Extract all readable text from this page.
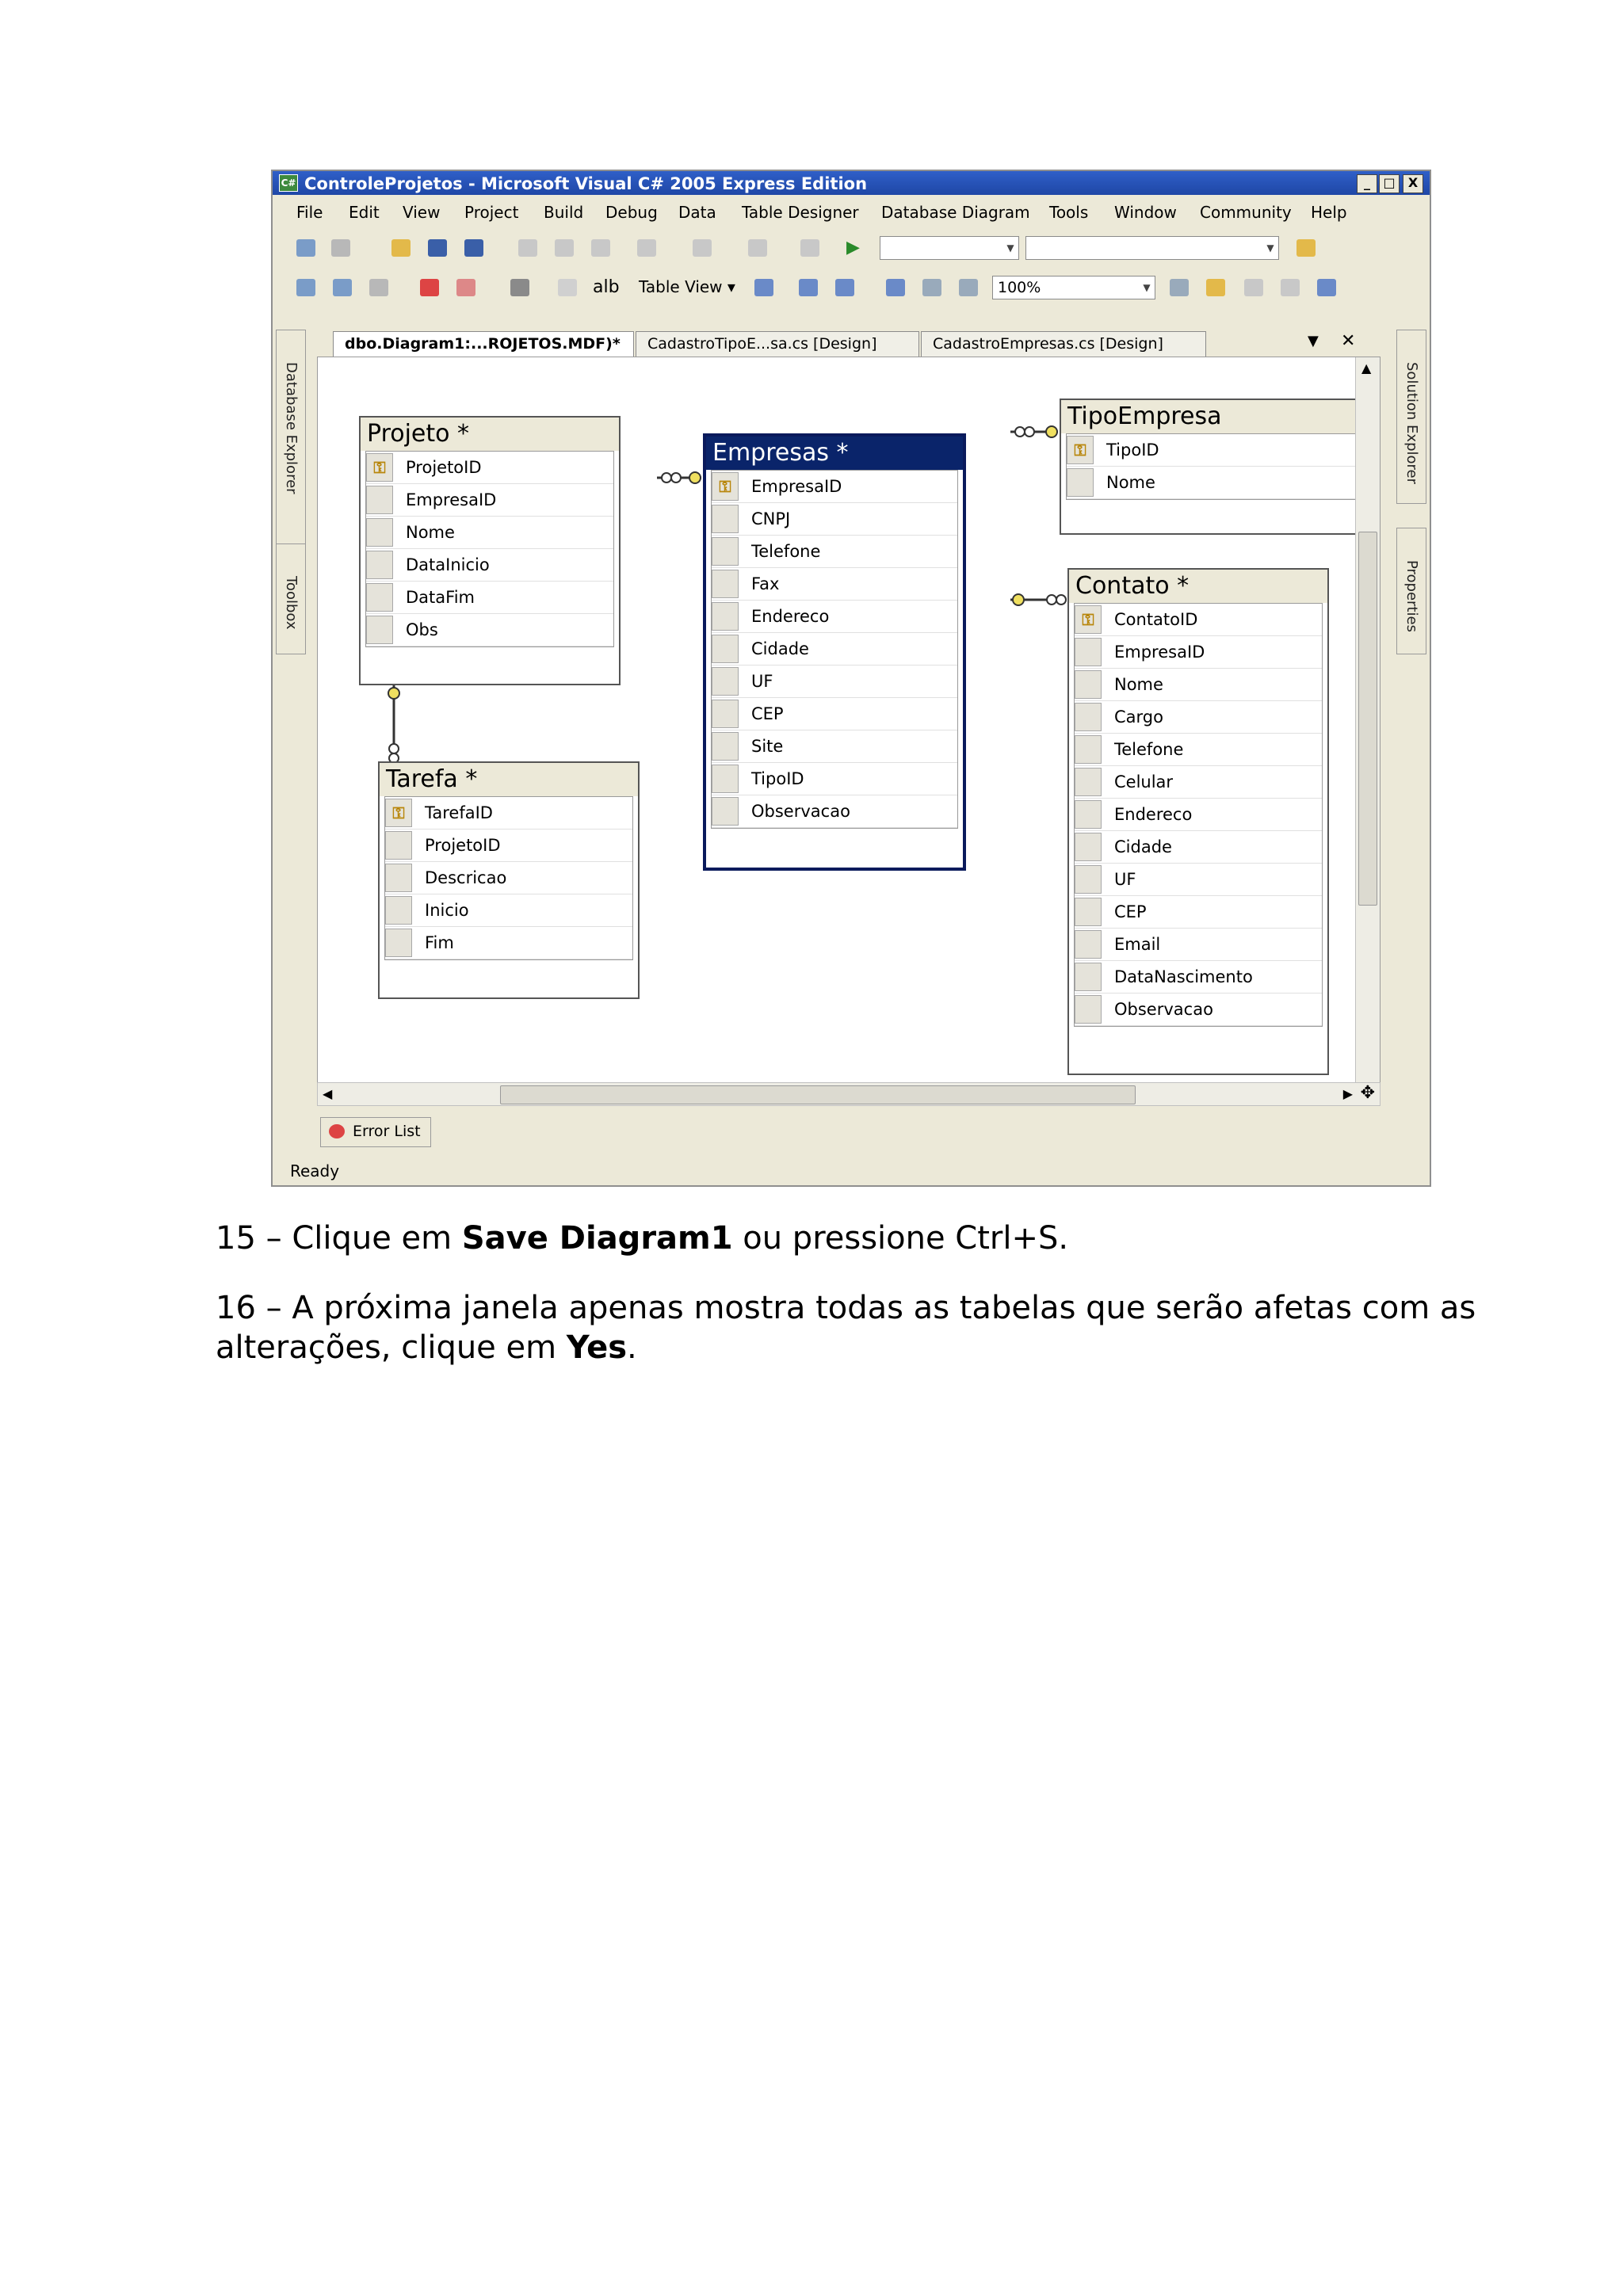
C# ControleProjetos - Microsoft Visual C# 2005 Express Edition	_	□	X
File Edit View Project Build Debug Data Table Designer Database Diagram Tools Window Community Help
▶	▼	▼
alb Table View ▾	100%	▼
Database Explorer
Toolbox
Solution Explorer
Properties
dbo.Diagram1:...ROJETOS.MDF)*	CadastroTipoE...sa.cs [Design]	CadastroEmpresas.cs [Design]	▼ ✕
Projeto *
⚿	ProjetoID
EmpresaID
Nome
DataInicio
DataFim
Obs
Empresas *
⚿	EmpresaID
CNPJ
Telefone
Fax
Endereco
Cidade
UF
CEP
Site
TipoID
Observacao
TipoEmpresa
⚿	TipoID
Nome
Contato *
⚿	ContatoID
EmpresaID
Nome
Cargo
Telefone
Celular
Endereco
Cidade
UF
CEP
Email
DataNascimento
Observacao
Tarefa *
⚿	TarefaID
ProjetoID
Descricao
Inicio
Fim
▲
◀	▶ ✥
Error List
Ready
15 – Clique em Save Diagram1 ou pressione Ctrl+S.
16 – A próxima janela apenas mostra todas as tabelas que serão afetas com as
alterações, clique em Yes.
